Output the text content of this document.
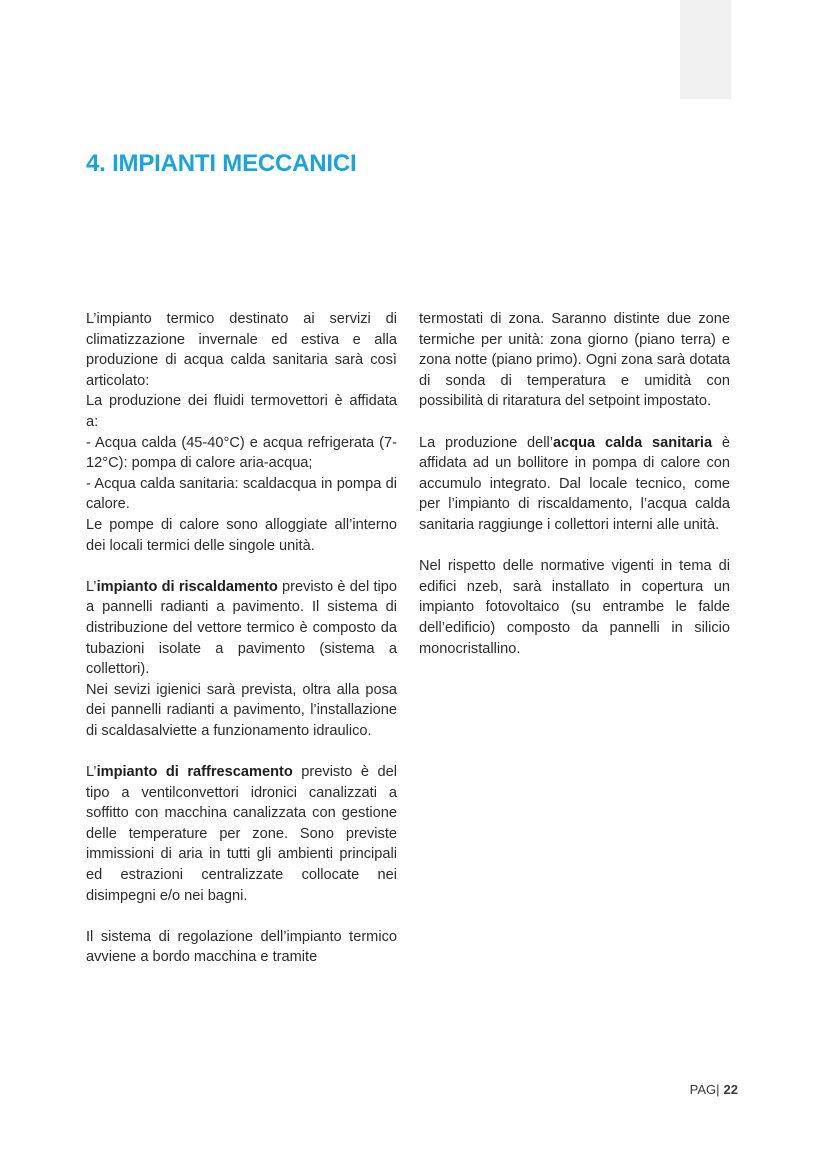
4. IMPIANTI MECCANICI

L’impianto termico destinato ai servizi di climatizzazione invernale ed estiva e alla produzione di acqua calda sanitaria sarà così articolato:

La produzione dei fluidi termovettori è affidata a:

- Acqua calda (45-40°C) e acqua refrigerata (7-12°C): pompa di calore aria-acqua;

- Acqua calda sanitaria: scaldacqua in pompa di calore.

Le pompe di calore sono alloggiate all’interno dei locali termici delle singole unità.

L’impianto di riscaldamento previsto è del tipo a pannelli radianti a pavimento. Il sistema di distribuzione del vettore termico è composto da tubazioni isolate a pavimento (sistema a collettori).

Nei sevizi igienici sarà prevista, oltra alla posa dei pannelli radianti a pavimento, l’installazione di scaldasalviette a funzionamento idraulico.

L’impianto di raffrescamento previsto è del tipo a ventilconvettori idronici canalizzati a soffitto con macchina canalizzata con gestione delle temperature per zone. Sono previste immissioni di aria in tutti gli ambienti principali ed estrazioni centralizzate collocate nei disimpegni e/o nei bagni.

Il sistema di regolazione dell’impianto termico avviene a bordo macchina e tramite

termostati di zona. Saranno distinte due zone termiche per unità: zona giorno (piano terra) e zona notte (piano primo). Ogni zona sarà dotata di sonda di temperatura e umidità con possibilità di ritaratura del setpoint impostato.

La produzione dell’acqua calda sanitaria è affidata ad un bollitore in pompa di calore con accumulo integrato. Dal locale tecnico, come per l’impianto di riscaldamento, l’acqua calda sanitaria raggiunge i collettori interni alle unità.

Nel rispetto delle normative vigenti in tema di edifici nzeb, sarà installato in copertura un impianto fotovoltaico (su entrambe le falde dell’edificio) composto da pannelli in silicio monocristallino.

PAG| 22
